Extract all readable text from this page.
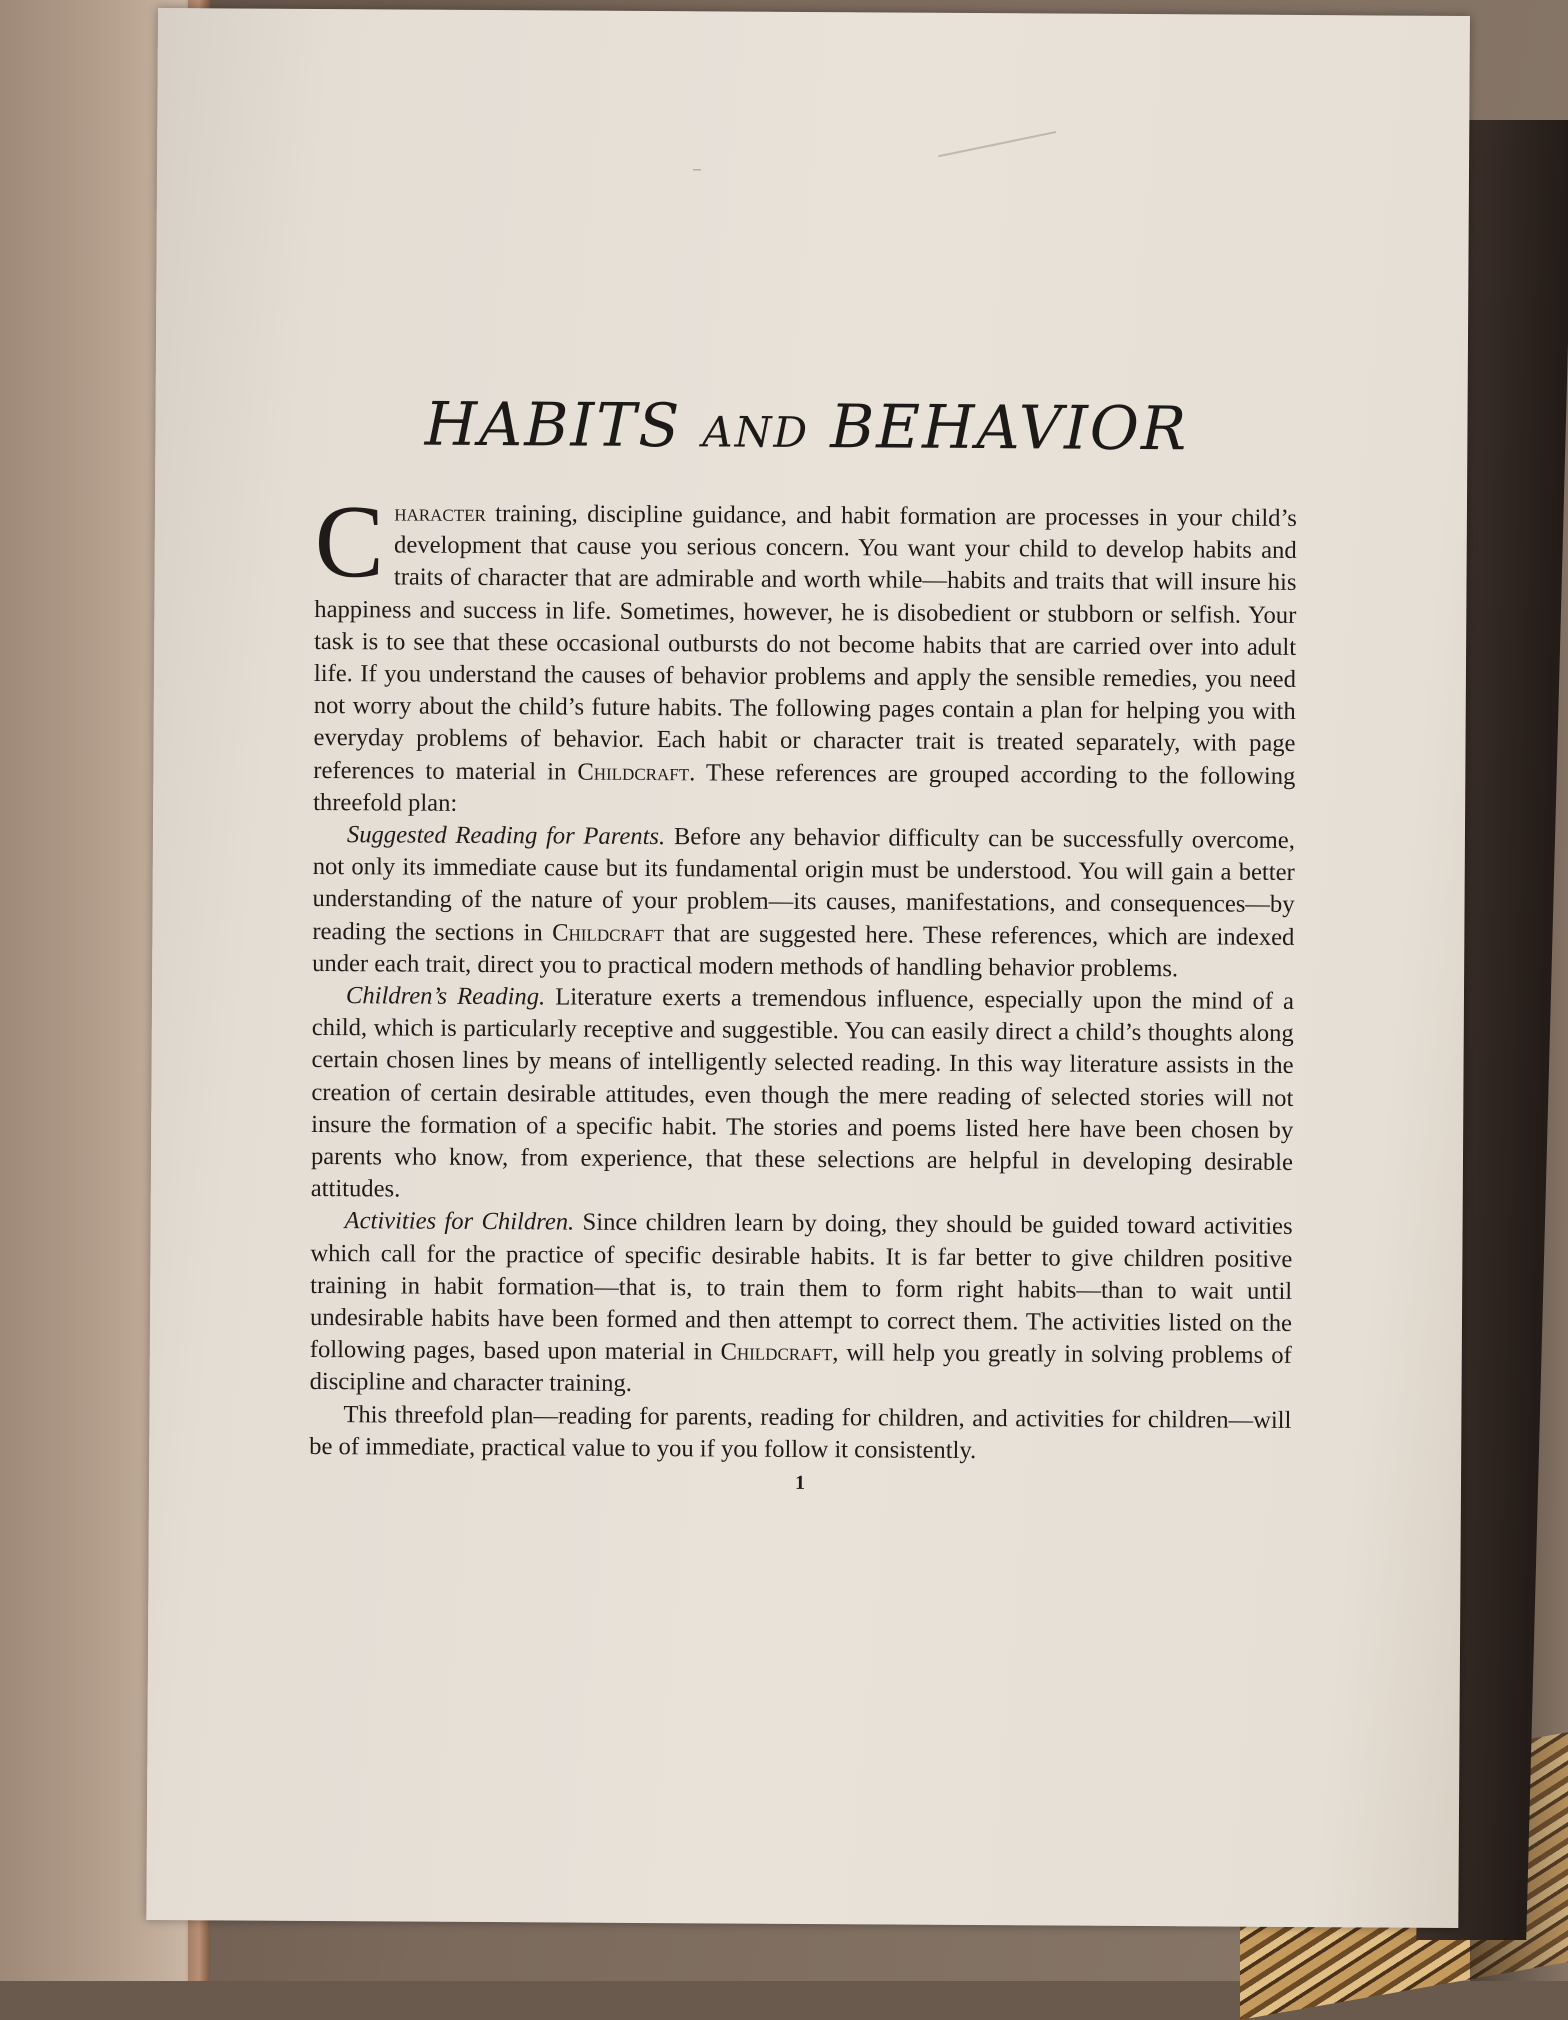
HABITS AND BEHAVIOR

Character training, discipline guidance, and habit formation are processes in your child’s development that cause you serious concern. You want your child to develop habits and traits of character that are admirable and worth while—habits and traits that will insure his happiness and success in life. Sometimes, however, he is disobedient or stubborn or selfish. Your task is to see that these occasional outbursts do not become habits that are carried over into adult life. If you understand the causes of behavior problems and apply the sensible remedies, you need not worry about the child’s future habits. The following pages contain a plan for helping you with everyday problems of behavior. Each habit or character trait is treated separately, with page references to material in Childcraft. These references are grouped according to the following threefold plan:

Suggested Reading for Parents. Before any behavior difficulty can be successfully overcome, not only its immediate cause but its fundamental origin must be understood. You will gain a better understanding of the nature of your problem—its causes, manifestations, and consequences—by reading the sections in Childcraft that are suggested here. These references, which are indexed under each trait, direct you to practical modern methods of handling behavior problems.

Children’s Reading. Literature exerts a tremendous influence, especially upon the mind of a child, which is particularly receptive and suggestible. You can easily direct a child’s thoughts along certain chosen lines by means of intelligently selected reading. In this way literature assists in the creation of certain desirable attitudes, even though the mere reading of selected stories will not insure the formation of a specific habit. The stories and poems listed here have been chosen by parents who know, from experience, that these selections are helpful in developing desirable attitudes.

Activities for Children. Since children learn by doing, they should be guided toward activities which call for the practice of specific desirable habits. It is far better to give children positive training in habit formation—that is, to train them to form right habits—than to wait until undesirable habits have been formed and then attempt to correct them. The activities listed on the following pages, based upon material in Childcraft, will help you greatly in solving problems of discipline and character training.

This threefold plan—reading for parents, reading for children, and activities for children—will be of immediate, practical value to you if you follow it consistently.

1
